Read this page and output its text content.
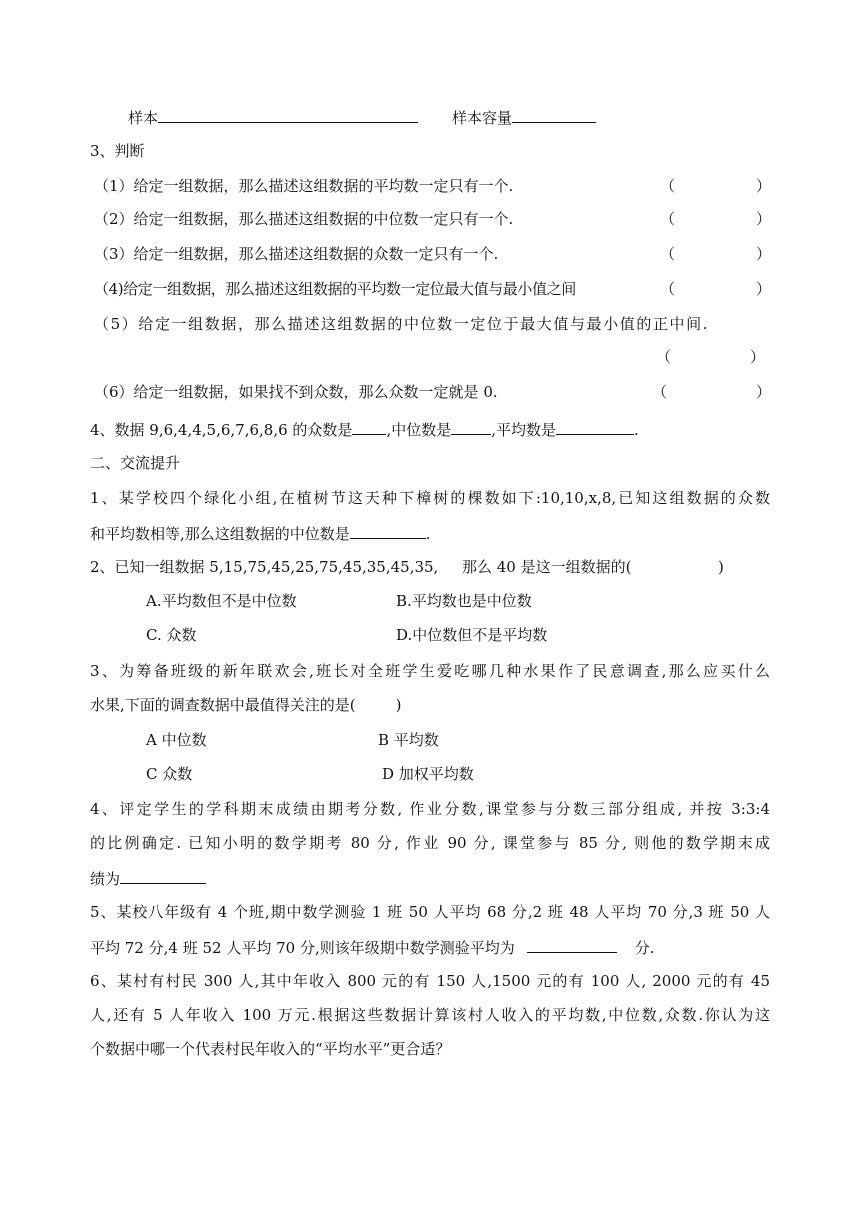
样本	样本容量
3、判断
（1）给定一组数据，那么描述这组数据的平均数一定只有一个.	（	）
（2）给定一组数据，那么描述这组数据的中位数一定只有一个.	（	）
（3）给定一组数据，那么描述这组数据的众数一定只有一个.	（	）
（4)给定一组数据，那么描述这组数据的平均数一定位最大值与最小值之间	（	）
（5）给定一组数据，那么描述这组数据的中位数一定位于最大值与最小值的正中间.
（	）
（6）给定一组数据，如果找不到众数，那么众数一定就是 0.	（	）
4、数据 9,6,4,4,5,6,7,6,8,6 的众数是 ,中位数是	,平均数是	.
二、交流提升
1、某学校四个绿化小组,在植树节这天种下樟树的棵数如下:10,10,x,8,已知这组数据的众数
和平均数相等,那么这组数据的中位数是	.
2、已知一组数据 5,15,75,45,25,75,45,35,45,35, 那么 40 是这一组数据的(	)
A.平均数但不是中位数	B.平均数也是中位数
C. 众数	D.中位数但不是平均数
3、为筹备班级的新年联欢会,班长对全班学生爱吃哪几种水果作了民意调查,那么应买什么
水果,下面的调查数据中最值得关注的是(	)
A 中位数	B 平均数
C 众数	D 加权平均数
4、评定学生的学科期末成绩由期考分数, 作业分数,课堂参与分数三部分组成, 并按 3:3:4
的比例确定. 已知小明的数学期考 80 分, 作业 90 分, 课堂参与 85 分, 则他的数学期末成
绩为
5、某校八年级有 4 个班,期中数学测验 1 班 50 人平均 68 分,2 班 48 人平均 70 分,3 班 50 人
平均 72 分,4 班 52 人平均 70 分,则该年级期中数学测验平均为	分.
6、某村有村民 300 人,其中年收入 800 元的有 150 人,1500 元的有 100 人, 2000 元的有 45
人,还有 5 人年收入 100 万元.根据这些数据计算该村人收入的平均数,中位数,众数.你认为这
个数据中哪一个代表村民年收入的“平均水平”更合适？
